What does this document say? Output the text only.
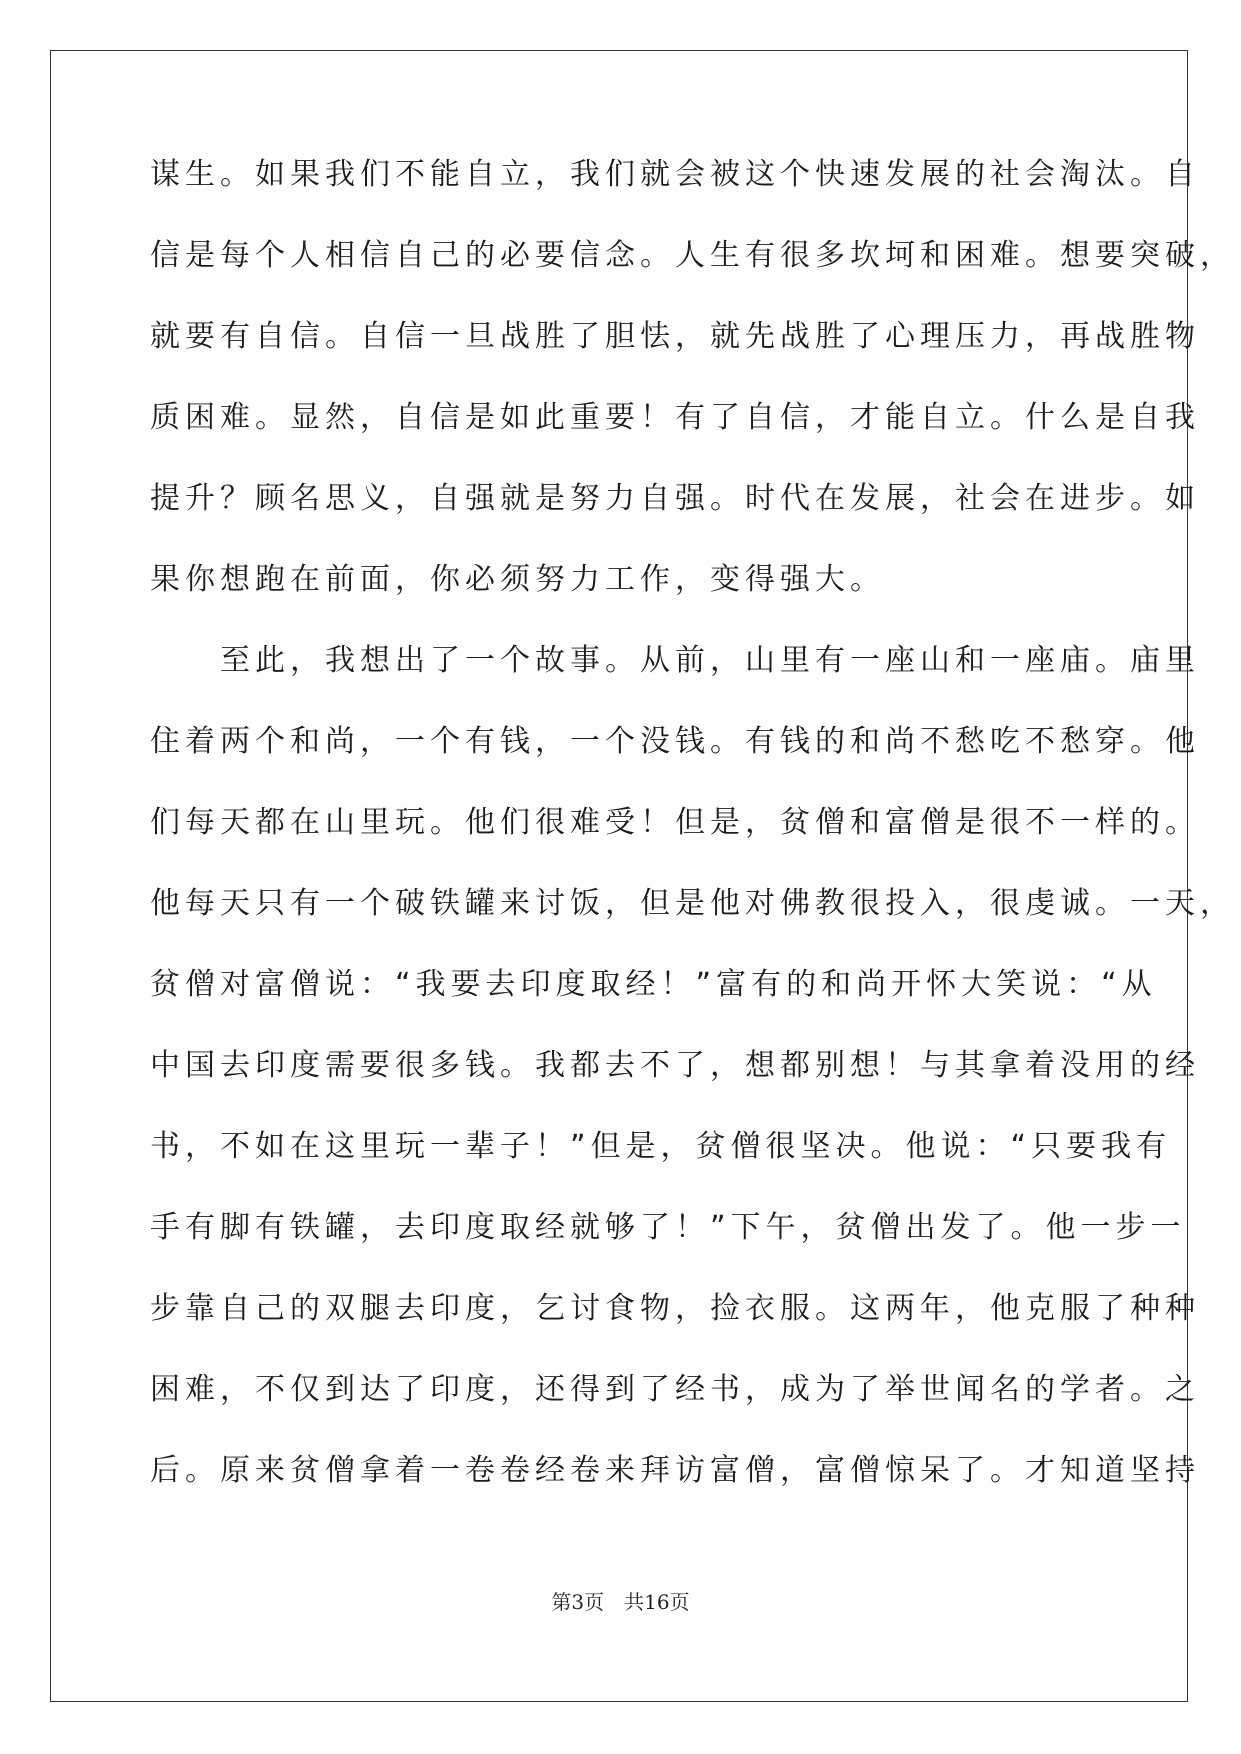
谋生。如果我们不能自立，我们就会被这个快速发展的社会淘汰。自
信是每个人相信自己的必要信念。人生有很多坎坷和困难。想要突破，
就要有自信。自信一旦战胜了胆怯，就先战胜了心理压力，再战胜物
质困难。显然，自信是如此重要！有了自信，才能自立。什么是自我
提升？顾名思义，自强就是努力自强。时代在发展，社会在进步。如
果你想跑在前面，你必须努力工作，变得强大。
　　至此，我想出了一个故事。从前，山里有一座山和一座庙。庙里
住着两个和尚，一个有钱，一个没钱。有钱的和尚不愁吃不愁穿。他
们每天都在山里玩。他们很难受！但是，贫僧和富僧是很不一样的。
他每天只有一个破铁罐来讨饭，但是他对佛教很投入，很虔诚。一天，
贫僧对富僧说：“我要去印度取经！”富有的和尚开怀大笑说：“从
中国去印度需要很多钱。我都去不了，想都别想！与其拿着没用的经
书，不如在这里玩一辈子！”但是，贫僧很坚决。他说：“只要我有
手有脚有铁罐，去印度取经就够了！”下午，贫僧出发了。他一步一
步靠自己的双腿去印度，乞讨食物，捡衣服。这两年，他克服了种种
困难，不仅到达了印度，还得到了经书，成为了举世闻名的学者。之
后。原来贫僧拿着一卷卷经卷来拜访富僧，富僧惊呆了。才知道坚持
第3页　共16页
